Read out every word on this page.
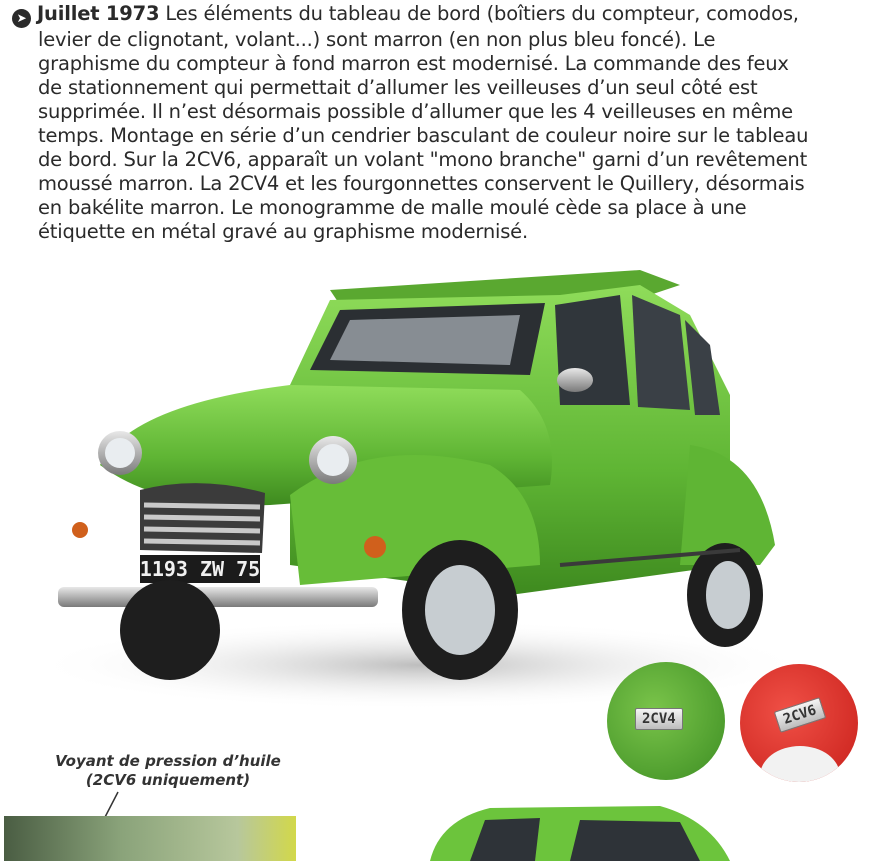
➤ Juillet 1973 Les éléments du tableau de bord (boîtiers du compteur, comodos,
levier de clignotant, volant...) sont marron (en non plus bleu foncé). Le
graphisme du compteur à fond marron est modernisé. La commande des feux
de stationnement qui permettait d’allumer les veilleuses d’un seul côté est
supprimée. Il n’est désormais possible d’allumer que les 4 veilleuses en même
temps. Montage en série d’un cendrier basculant de couleur noire sur le tableau
de bord. Sur la 2CV6, apparaît un volant "mono branche" garni d’un revêtement
moussé marron. La 2CV4 et les fourgonnettes conservent le Quillery, désormais
en bakélite marron. Le monogramme de malle moulé cède sa place à une
étiquette en métal gravé au graphisme modernisé.
1193 ZW 75
2CV4	2CV6
Voyant de pression d’huile
(2CV6 uniquement)
